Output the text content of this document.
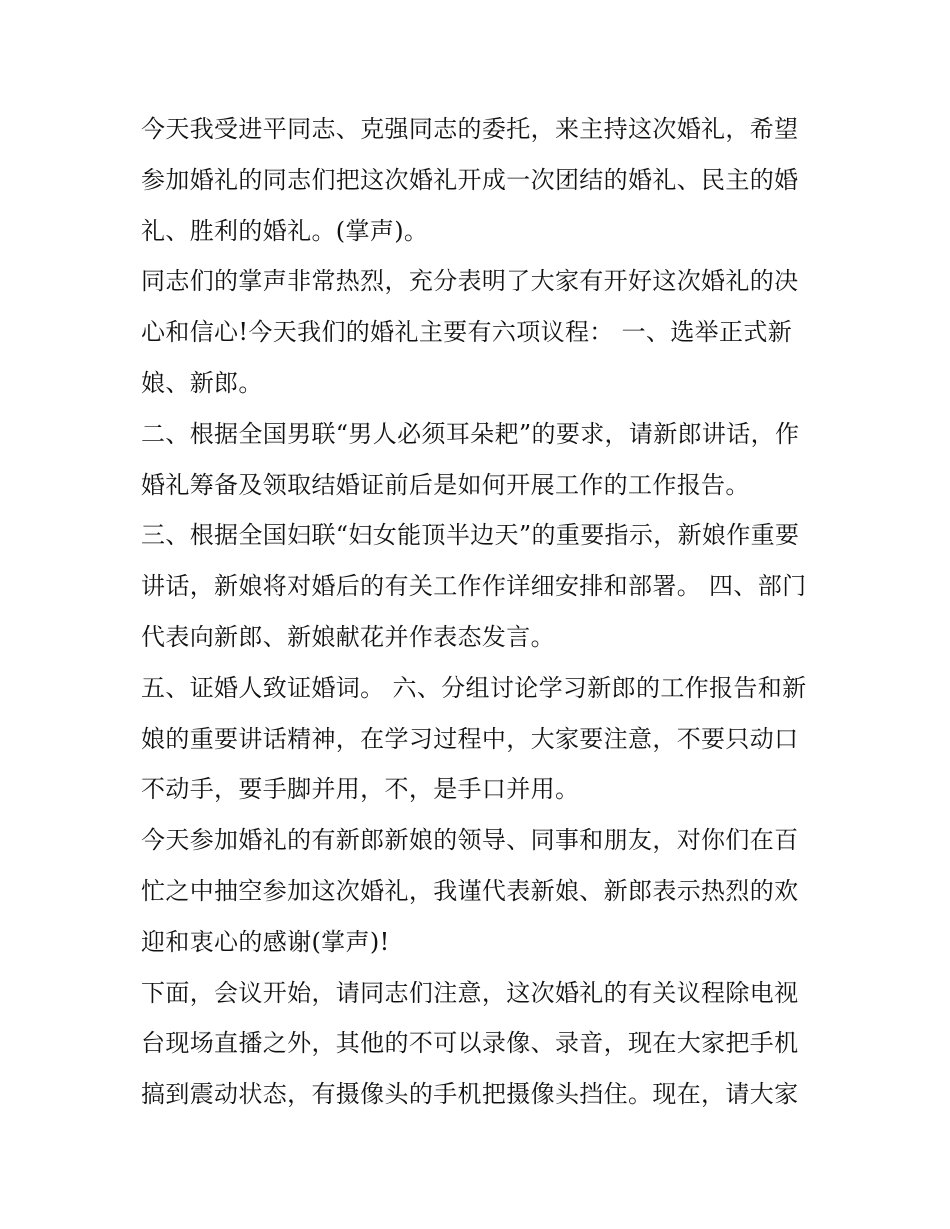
今天我受进平同志、克强同志的委托，来主持这次婚礼，希望参加婚礼的同志们把这次婚礼开成一次团结的婚礼、民主的婚礼、胜利的婚礼。(掌声)。

同志们的掌声非常热烈，充分表明了大家有开好这次婚礼的决心和信心!今天我们的婚礼主要有六项议程： 一、选举正式新娘、新郎。

二、根据全国男联“男人必须耳朵耙”的要求，请新郎讲话，作婚礼筹备及领取结婚证前后是如何开展工作的工作报告。

三、根据全国妇联“妇女能顶半边天”的重要指示，新娘作重要讲话，新娘将对婚后的有关工作作详细安排和部署。 四、部门代表向新郎、新娘献花并作表态发言。

五、证婚人致证婚词。 六、分组讨论学习新郎的工作报告和新娘的重要讲话精神，在学习过程中，大家要注意，不要只动口不动手，要手脚并用，不，是手口并用。

今天参加婚礼的有新郎新娘的领导、同事和朋友，对你们在百忙之中抽空参加这次婚礼，我谨代表新娘、新郎表示热烈的欢迎和衷心的感谢(掌声)!

下面，会议开始，请同志们注意，这次婚礼的有关议程除电视台现场直播之外，其他的不可以录像、录音，现在大家把手机搞到震动状态，有摄像头的手机把摄像头挡住。现在，请大家
